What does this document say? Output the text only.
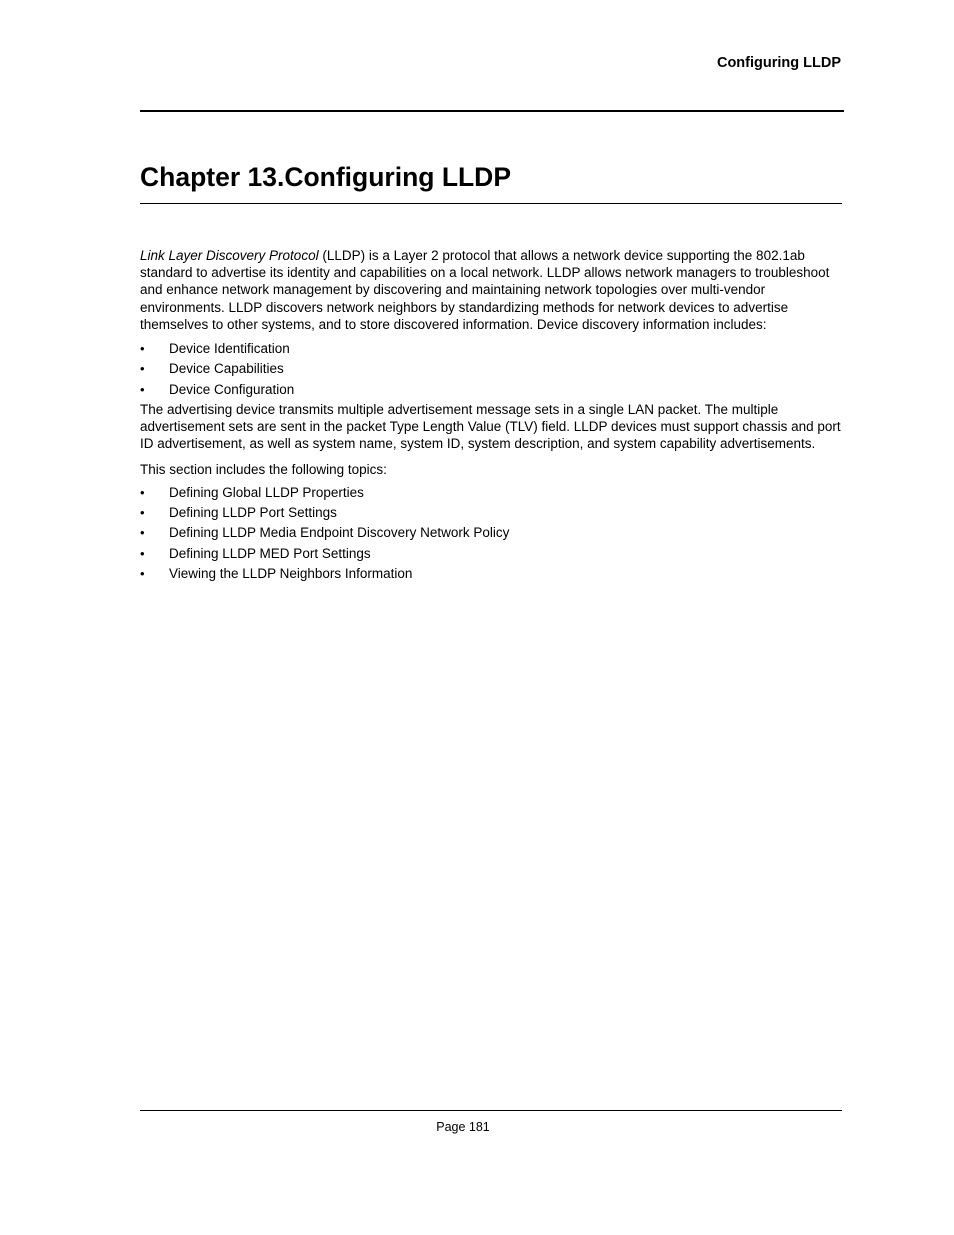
Configuring LLDP

Chapter 13.Configuring LLDP

Link Layer Discovery Protocol (LLDP) is a Layer 2 protocol that allows a network device supporting the 802.1ab standard to advertise its identity and capabilities on a local network. LLDP allows network managers to troubleshoot and enhance network management by discovering and maintaining network topologies over multi-vendor environments. LLDP discovers network neighbors by standardizing methods for network devices to advertise themselves to other systems, and to store discovered information. Device discovery information includes:

• Device Identification
• Device Capabilities
• Device Configuration

The advertising device transmits multiple advertisement message sets in a single LAN packet. The multiple advertisement sets are sent in the packet Type Length Value (TLV) field. LLDP devices must support chassis and port ID advertisement, as well as system name, system ID, system description, and system capability advertisements.

This section includes the following topics:

• Defining Global LLDP Properties
• Defining LLDP Port Settings
• Defining LLDP Media Endpoint Discovery Network Policy
• Defining LLDP MED Port Settings
• Viewing the LLDP Neighbors Information

Page 181
